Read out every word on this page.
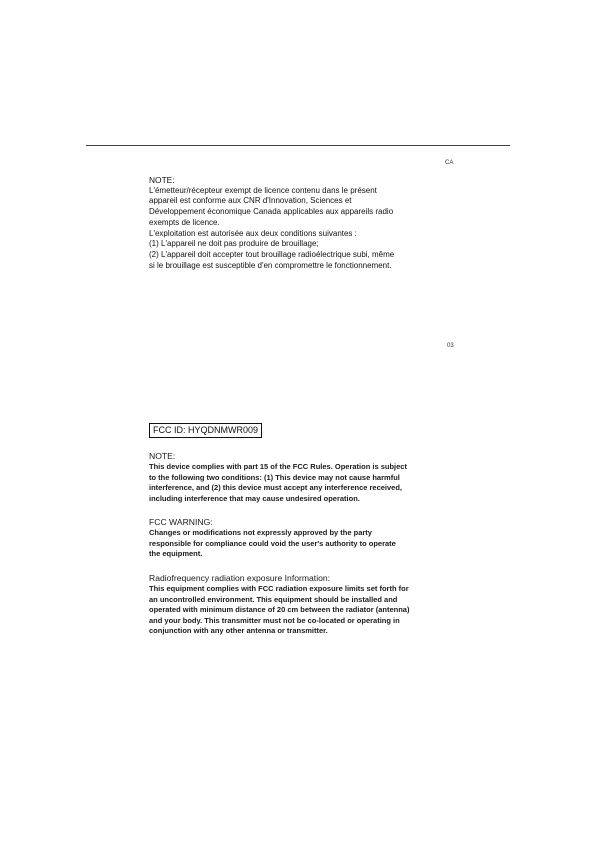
CA

NOTE:

L'émetteur/récepteur exempt de licence contenu dans le présent

appareil est conforme aux CNR d'Innovation, Sciences et

Développement économique Canada applicables aux appareils radio

exempts de licence.

L'exploitation est autorisée aux deux conditions suivantes :

(1) L'appareil ne doit pas produire de brouillage;

(2) L'appareil doit accepter tout brouillage radioélectrique subi, même

si le brouillage est susceptible d'en compromettre le fonctionnement.

03
FCC ID: HYQDNMWR009

NOTE:

This device complies with part 15 of the FCC Rules. Operation is subject

to the following two conditions: (1) This device may not cause harmful

interference, and (2) this device must accept any interference received,

including interference that may cause undesired operation.

FCC WARNING:

Changes or modifications not expressly approved by the party

responsible for compliance could void the user's authority to operate

the equipment.

Radiofrequency radiation exposure Information:

This equipment complies with FCC radiation exposure limits set forth for

an uncontrolled environment. This equipment should be installed and

operated with minimum distance of 20 cm between the radiator (antenna)

and your body. This transmitter must not be co-located or operating in

conjunction with any other antenna or transmitter.
